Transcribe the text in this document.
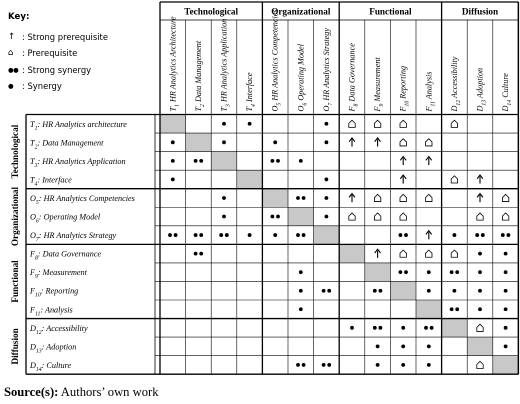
Key:
↑ : Strong prerequisite
⌂	: Prerequisite
●● : Strong synergy
●	: Synergy
Technological
Technological
Organizational
Organizational
Functional
Functional
Diffusion
Diffusion
$T_1$ HR Analytics Architecture
$T_2$ Data Management
$T_3$ HR Analytics Application
$T_4$ Interface
$O_5$ HR Analytics Competencies
$O_6$ Operating Model
$O_7$ HR Analytics Strategy
$F_8$ Data Governance
$F_9$ Measurement
$F_{10}$ Reporting
$F_{11}$ Analysis
$D_{12}$ Accessibility
$D_{13}$ Adoption
$D_{14}$ Culture
$T_1$: HR Analytics architecture
$T_2$: Data Management
$T_3$: HR Analytics Application
$T_4$: Interface
$O_5$: HR Analytics Competencies
$O_6$: Operating Model
$O_7$: HR Analytics Strategy
$F_8$: Data Governance
$F_9$: Measurement
$F_{10}$: Reporting
$F_{11}$: Analysis
$D_{12}$: Accessibility
$D_{13}$: Adoption
$D_{14}$: Culture
Source(s): Authors’ own work
